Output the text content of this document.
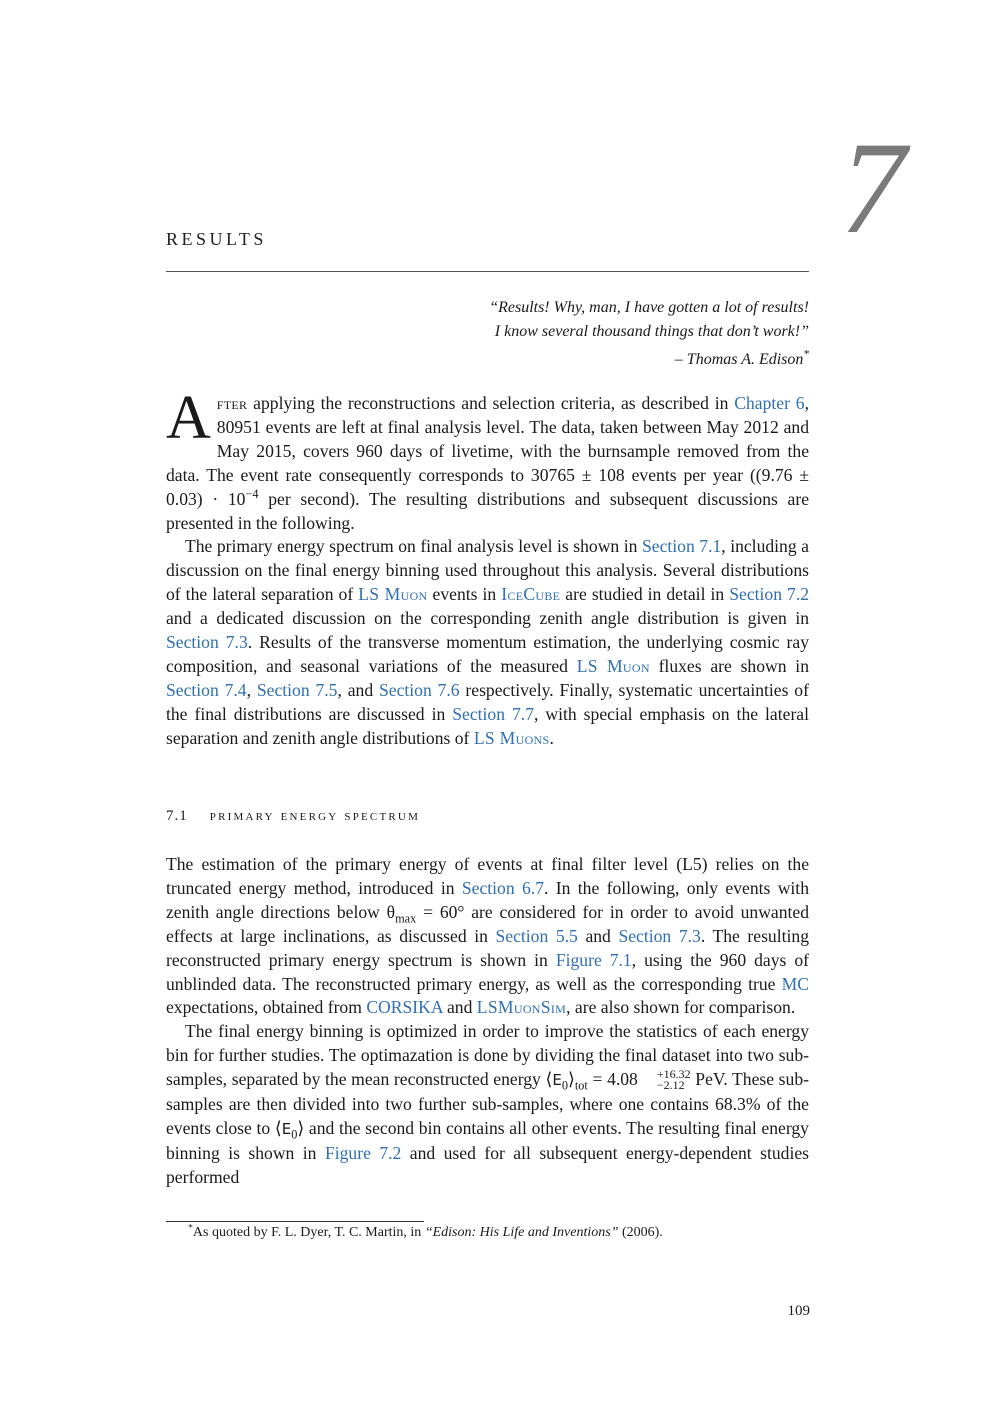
7
RESULTS
“Results! Why, man, I have gotten a lot of results!
I know several thousand things that don’t work!”
– Thomas A. Edison*

After applying the reconstructions and selection criteria, as described in Chapter 6, 80951 events are left at final analysis level. The data, taken between May 2012 and May 2015, covers 960 days of livetime, with the burnsample removed from the data. The event rate consequently corresponds to 30765 ± 108 events per year ($(9.76 \pm 0.03) \cdot 10^{-4}$ per second). The resulting distributions and subsequent discussions are presented in the following.

The primary energy spectrum on final analysis level is shown in Section 7.1, including a discussion on the final energy binning used throughout this analysis. Several distributions of the lateral separation of LS Muon events in IceCube are studied in detail in Section 7.2 and a dedicated discussion on the corresponding zenith angle distribution is given in Section 7.3. Results of the transverse momentum estimation, the underlying cosmic ray composition, and seasonal variations of the measured LS Muon fluxes are shown in Section 7.4, Section 7.5, and Section 7.6 respectively. Finally, systematic uncertainties of the final distributions are discussed in Section 7.7, with special emphasis on the lateral separation and zenith angle distributions of LS Muons.

7.1 primary energy spectrum

The estimation of the primary energy of events at final filter level (L5) relies on the truncated energy method, introduced in Section 6.7. In the following, only events with zenith angle directions below $\theta_{max} = 60^\circ$ are considered for in order to avoid unwanted effects at large inclinations, as discussed in Section 5.5 and Section 7.3. The resulting reconstructed primary energy spectrum is shown in Figure 7.1, using the 960 days of unblinded data. The reconstructed primary energy, as well as the corresponding true MC expectations, obtained from CORSIKA and LSMuonSim, are also shown for comparison.

The final energy binning is optimized in order to improve the statistics of each energy bin for further studies. The optimazation is done by dividing the final dataset into two sub-samples, separated by the mean reconstructed energy $⟨E_0⟩_{tot} = 4.08$	+16.32
−2.12 PeV. These sub-samples are then divided into two further sub-samples, where one contains 68.3% of the events close to $⟨E_0⟩$ and the second bin contains all other events. The resulting final energy binning is shown in Figure 7.2 and used for all subsequent energy-dependent studies performed

*As quoted by F. L. Dyer, T. C. Martin, in “Edison: His Life and Inventions” (2006).
109
